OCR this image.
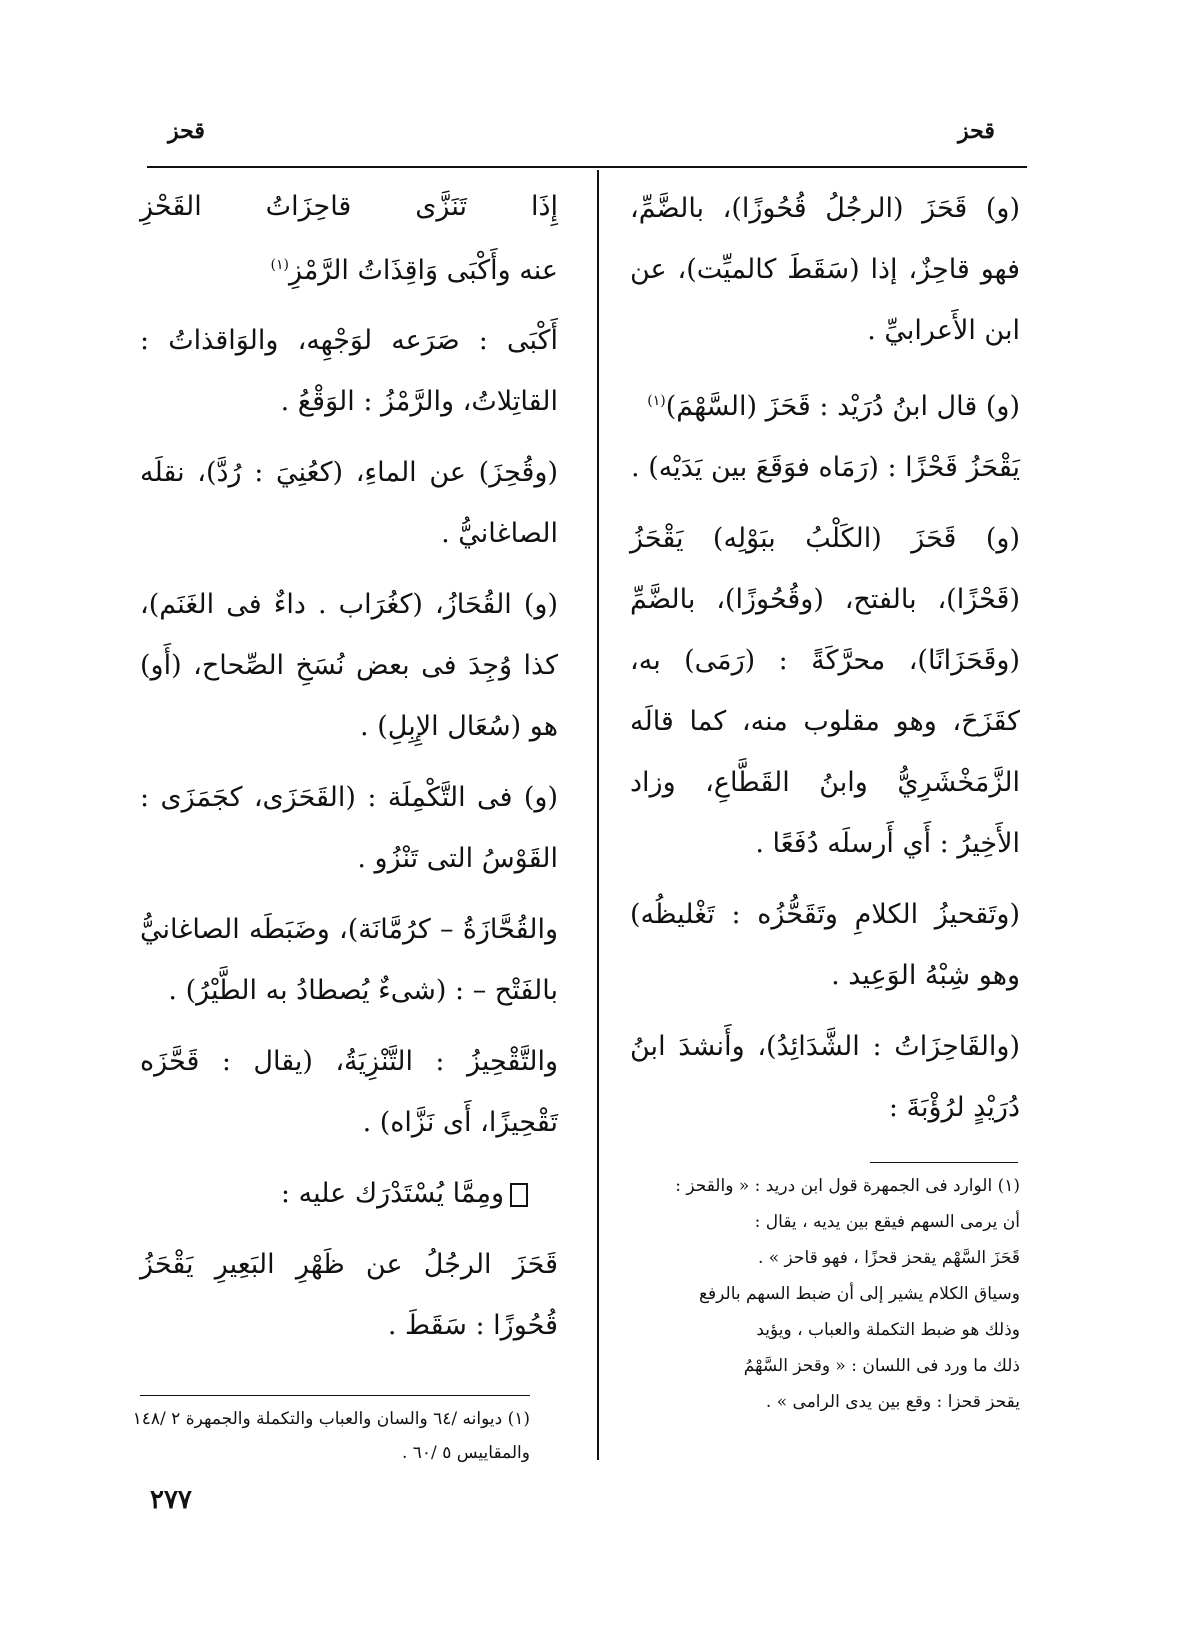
قحز
قحز

(و) قَحَزَ (الرجُلُ قُحُوزًا)، بالضَّمِّ، فهو قاحِزٌ، إذا (سَقَطَ كالميِّت)، عن ابن الأَعرابيِّ .

(و) قال ابنُ دُرَيْد : قَحَزَ (السَّهْمَ)$^{(١)}$

يَقْحَزُ قَحْزًا : (رَمَاه فوَقَعَ بين يَدَيْه) .

(و) قَحَزَ (الكَلْبُ ببَوْلِه) يَقْحَزُ (قَحْزًا)، بالفتح، (وقُحُوزًا)، بالضَّمِّ (وقَحَزَانًا)، محرَّكَةً : (رَمَى) به، كقَزَحَ، وهو مقلوب منه، كما قالَه الزَّمَخْشَرِيُّ وابنُ القَطَّاعِ، وزاد الأَخِيرُ : أَي أَرسلَه دُفَعًا .

(وتَقحيزُ الكلامِ وتَقَحُّزُه : تَغْليظُه) وهو شِبْهُ الوَعِيد .

(والقَاحِزَاتُ : الشَّدَائِدُ)، وأَنشدَ ابنُ دُرَيْدٍ لرُؤْبَةَ :

(١) الوارد فى الجمهرة قول ابن دريد : « والقحز :
أن يرمى السهم فيقع بين يديه ، يقال :
قَحَزَ السَّهْم يقحز قحزًا ، فهو قاحز » .
وسياق الكلام يشير إلى أن ضبط السهم بالرفع
وذلك هو ضبط التكملة والعباب ، ويؤيد
ذلك ما ورد فى اللسان : « وقحز السَّهْمُ
يقحز قحزا : وقع بين يدى الرامى » .
إِذَا تَنَزَّى قاحِزَاتُ القَحْزِ
عنه وأَكْبَى وَاقِذَاتُ الرَّمْزِ$^{(١)}$

أَكْبَى : صَرَعه لوَجْهِه، والوَاقذاتُ : القاتِلاتُ، والرَّمْزُ : الوَقْعُ .

(وقُحِزَ) عن الماءِ، (كعُنِيَ : رُدَّ)، نقلَه الصاغانيُّ .

(و) القُحَازُ، (كغُرَاب . داءٌ فى الغَنَم)، كذا وُجِدَ فى بعض نُسَخِ الصِّحاح، (أَو) هو (سُعَال الإِبِلِ) .

(و) فى التَّكْمِلَة : (القَحَزَى، كجَمَزَى : القَوْسُ التى تَنْزُو .

والقُحَّازَةُ – كرُمَّانَة)، وضَبَطَه الصاغانيُّ بالفَتْح – : (شىءٌ يُصطادُ به الطَّيْرُ) .

والتَّقْحِيزُ : التَّنْزِيَةُ، (يقال : قَحَّزَه تَقْحِيزًا، أَى نَزَّاه) .

ومِمَّا يُسْتَدْرَك عليه :

قَحَزَ الرجُلُ عن ظَهْرِ البَعِيرِ يَقْحَزُ قُحُوزًا : سَقَطَ .

(١) ديوانه /٦٤ والسان والعباب والتكملة والجمهرة ٢ /١٤٨
والمقاييس ٥ /٦٠ .
٢٧٧
